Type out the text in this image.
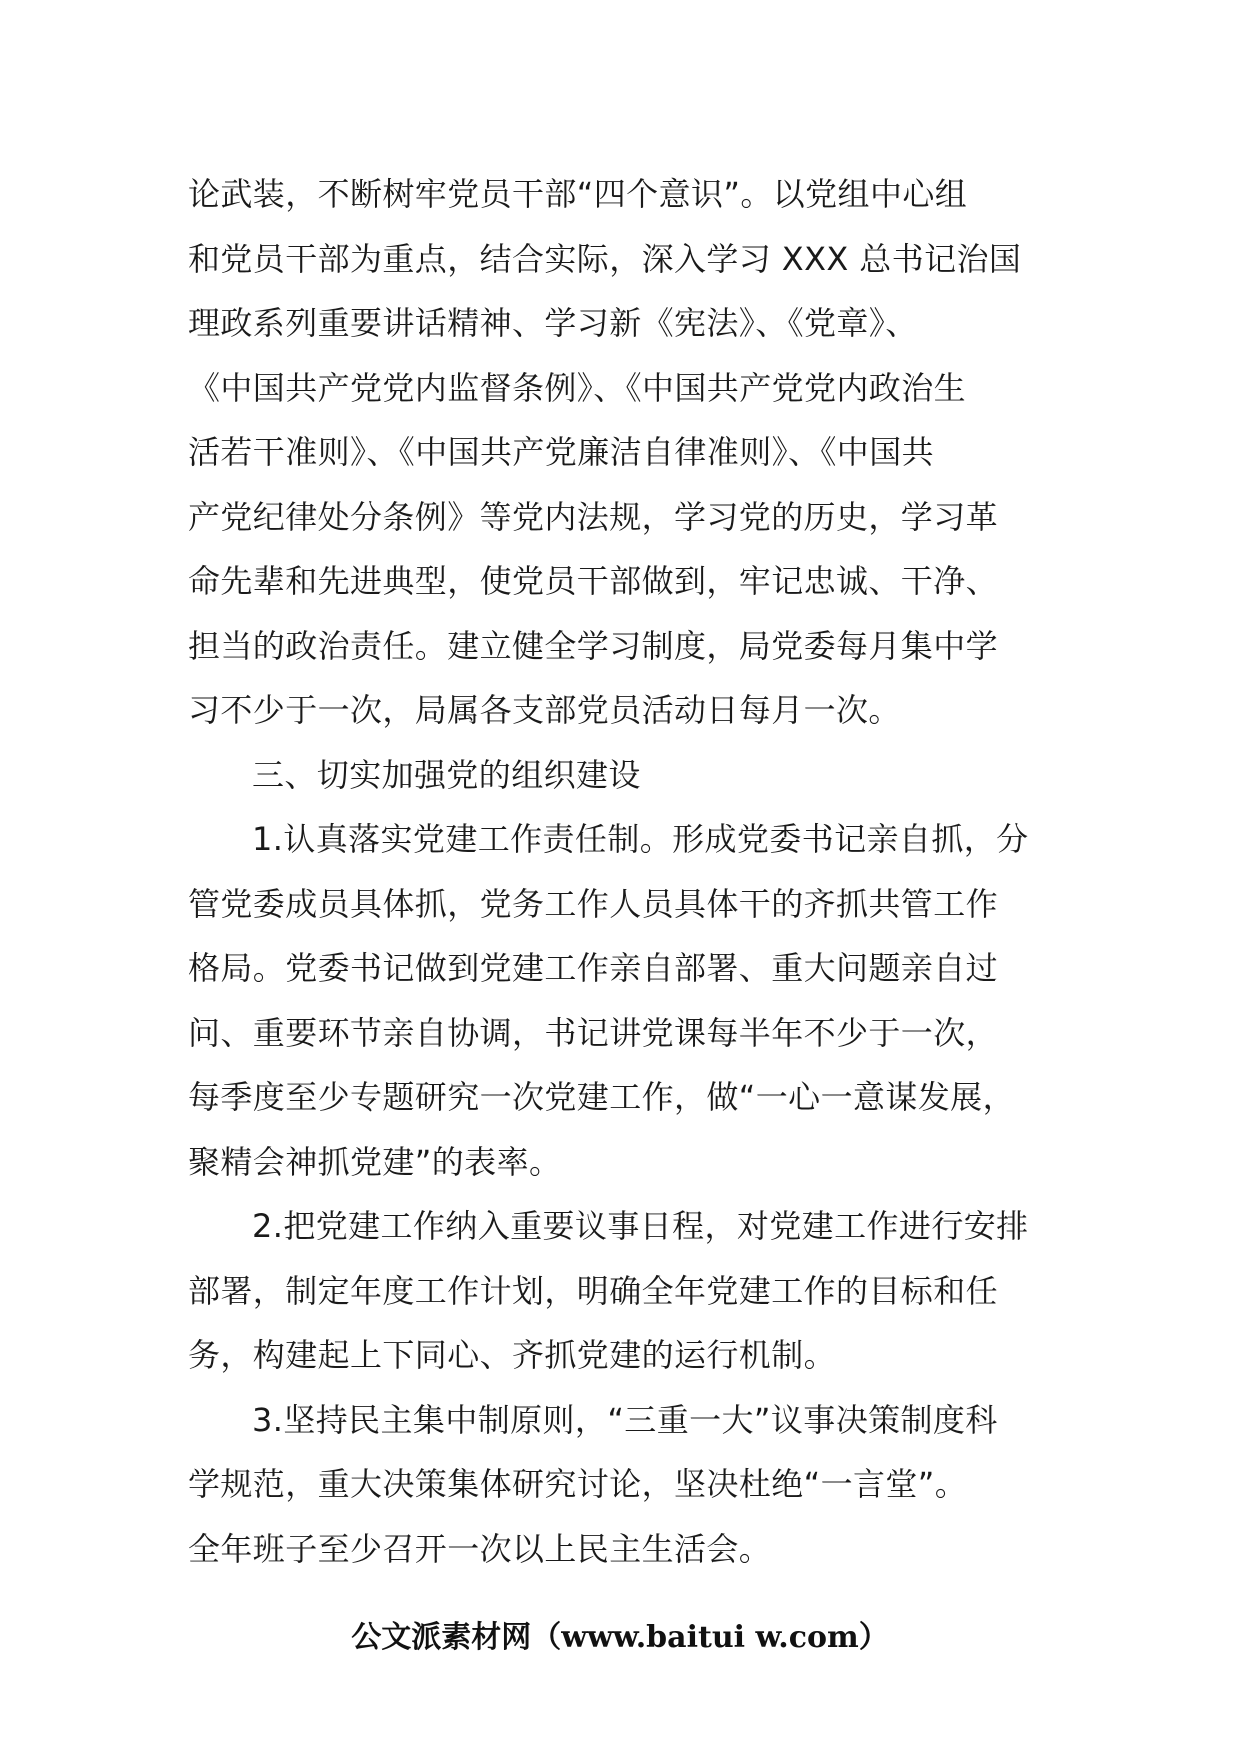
论武装，不断树牢党员干部“四个意识”。以党组中心组
和党员干部为重点，结合实际，深入学习 XXX 总书记治国
理政系列重要讲话精神、学习新《宪法》、《党章》、
《中国共产党党内监督条例》、《中国共产党党内政治生
活若干准则》、《中国共产党廉洁自律准则》、《中国共
产党纪律处分条例》等党内法规，学习党的历史，学习革
命先辈和先进典型，使党员干部做到，牢记忠诚、干净、
担当的政治责任。建立健全学习制度，局党委每月集中学
习不少于一次，局属各支部党员活动日每月一次。

三、切实加强党的组织建设

1.认真落实党建工作责任制。形成党委书记亲自抓，分
管党委成员具体抓，党务工作人员具体干的齐抓共管工作
格局。党委书记做到党建工作亲自部署、重大问题亲自过
问、重要环节亲自协调，书记讲党课每半年不少于一次，
每季度至少专题研究一次党建工作，做“一心一意谋发展，
聚精会神抓党建”的表率。

2.把党建工作纳入重要议事日程，对党建工作进行安排
部署，制定年度工作计划，明确全年党建工作的目标和任
务，构建起上下同心、齐抓党建的运行机制。

3.坚持民主集中制原则，“三重一大”议事决策制度科
学规范，重大决策集体研究讨论，坚决杜绝“一言堂”。
全年班子至少召开一次以上民主生活会。

公文派素材网（www.baitui w.com）
